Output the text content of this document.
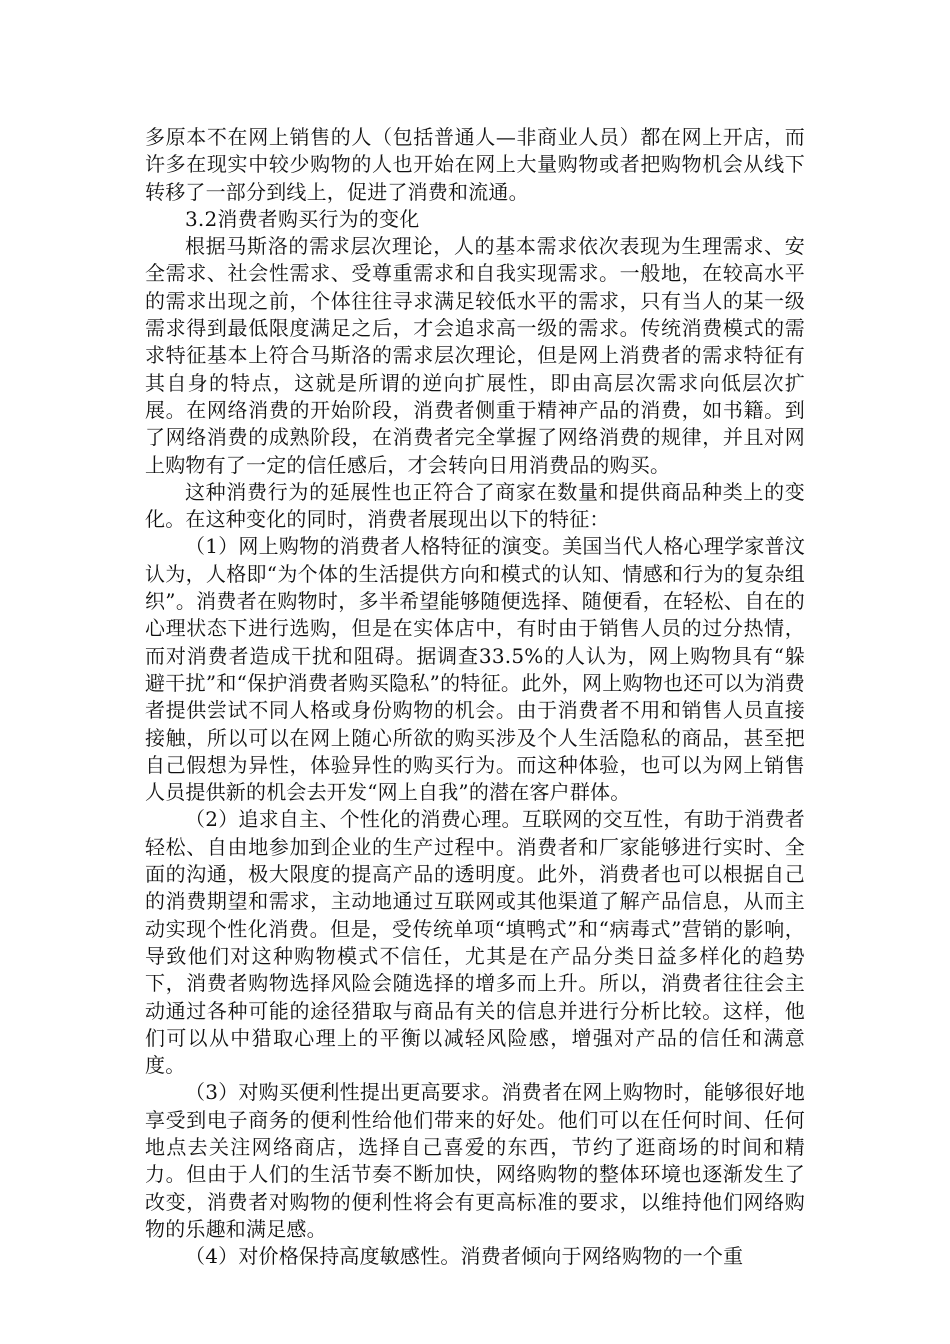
多原本不在网上销售的人（包括普通人—非商业人员）都在网上开店，而许多在现实中较少购物的人也开始在网上大量购物或者把购物机会从线下转移了一部分到线上，促进了消费和流通。

3.2消费者购买行为的变化

根据马斯洛的需求层次理论，人的基本需求依次表现为生理需求、安全需求、社会性需求、受尊重需求和自我实现需求。一般地，在较高水平的需求出现之前，个体往往寻求满足较低水平的需求，只有当人的某一级需求得到最低限度满足之后，才会追求高一级的需求。传统消费模式的需求特征基本上符合马斯洛的需求层次理论，但是网上消费者的需求特征有其自身的特点，这就是所谓的逆向扩展性，即由高层次需求向低层次扩展。在网络消费的开始阶段，消费者侧重于精神产品的消费，如书籍。到了网络消费的成熟阶段，在消费者完全掌握了网络消费的规律，并且对网上购物有了一定的信任感后，才会转向日用消费品的购买。

这种消费行为的延展性也正符合了商家在数量和提供商品种类上的变化。在这种变化的同时，消费者展现出以下的特征：

（1）网上购物的消费者人格特征的演变。美国当代人格心理学家普汶认为，人格即“为个体的生活提供方向和模式的认知、情感和行为的复杂组织”。消费者在购物时，多半希望能够随便选择、随便看，在轻松、自在的心理状态下进行选购，但是在实体店中，有时由于销售人员的过分热情，而对消费者造成干扰和阻碍。据调查33.5%的人认为，网上购物具有“躲避干扰”和“保护消费者购买隐私”的特征。此外，网上购物也还可以为消费者提供尝试不同人格或身份购物的机会。由于消费者不用和销售人员直接接触，所以可以在网上随心所欲的购买涉及个人生活隐私的商品，甚至把自己假想为异性，体验异性的购买行为。而这种体验，也可以为网上销售人员提供新的机会去开发“网上自我”的潜在客户群体。

（2）追求自主、个性化的消费心理。互联网的交互性，有助于消费者轻松、自由地参加到企业的生产过程中。消费者和厂家能够进行实时、全面的沟通，极大限度的提高产品的透明度。此外，消费者也可以根据自己的消费期望和需求，主动地通过互联网或其他渠道了解产品信息，从而主动实现个性化消费。但是，受传统单项“填鸭式”和“病毒式”营销的影响，导致他们对这种购物模式不信任，尤其是在产品分类日益多样化的趋势下，消费者购物选择风险会随选择的增多而上升。所以，消费者往往会主动通过各种可能的途径猎取与商品有关的信息并进行分析比较。这样，他们可以从中猎取心理上的平衡以减轻风险感，增强对产品的信任和满意度。

（3）对购买便利性提出更高要求。消费者在网上购物时，能够很好地享受到电子商务的便利性给他们带来的好处。他们可以在任何时间、任何地点去关注网络商店，选择自己喜爱的东西，节约了逛商场的时间和精力。但由于人们的生活节奏不断加快，网络购物的整体环境也逐渐发生了改变，消费者对购物的便利性将会有更高标准的要求，以维持他们网络购物的乐趣和满足感。

（4）对价格保持高度敏感性。消费者倾向于网络购物的一个重
